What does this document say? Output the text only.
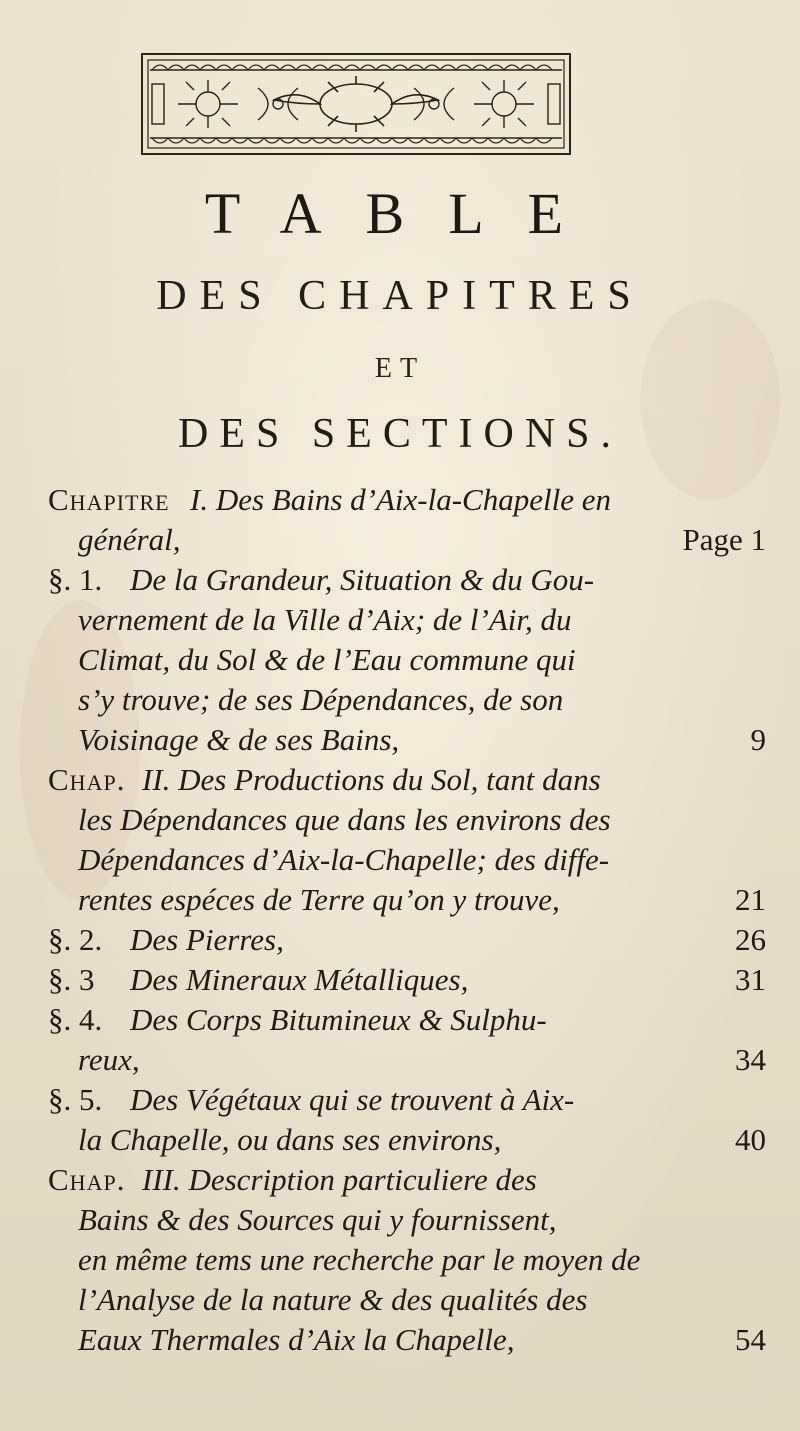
TABLE
DES CHAPITRES
ET
DES SECTIONS.
Chapitre I. Des Bains d’Aix-la-Chapelle en
général,	Page 1
§. 1. De la Grandeur, Situation & du Gou-
vernement de la Ville d’Aix; de l’Air, du
Climat, du Sol & de l’Eau commune qui
s’y trouve; de ses Dépendances, de son
Voisinage & de ses Bains,	9
Chap. II. Des Productions du Sol, tant dans
les Dépendances que dans les environs des
Dépendances d’Aix-la-Chapelle; des diffe-
rentes espéces de Terre qu’on y trouve,	21
§. 2. Des Pierres,	26
§. 3 Des Mineraux Métalliques,	31
§. 4. Des Corps Bitumineux & Sulphu-
reux,	34
§. 5. Des Végétaux qui se trouvent à Aix-
la Chapelle, ou dans ses environs,	40
Chap. III. Description particuliere des
Bains & des Sources qui y fournissent,
en même tems une recherche par le moyen de
l’Analyse de la nature & des qualités des
Eaux Thermales d’Aix la Chapelle,	54
